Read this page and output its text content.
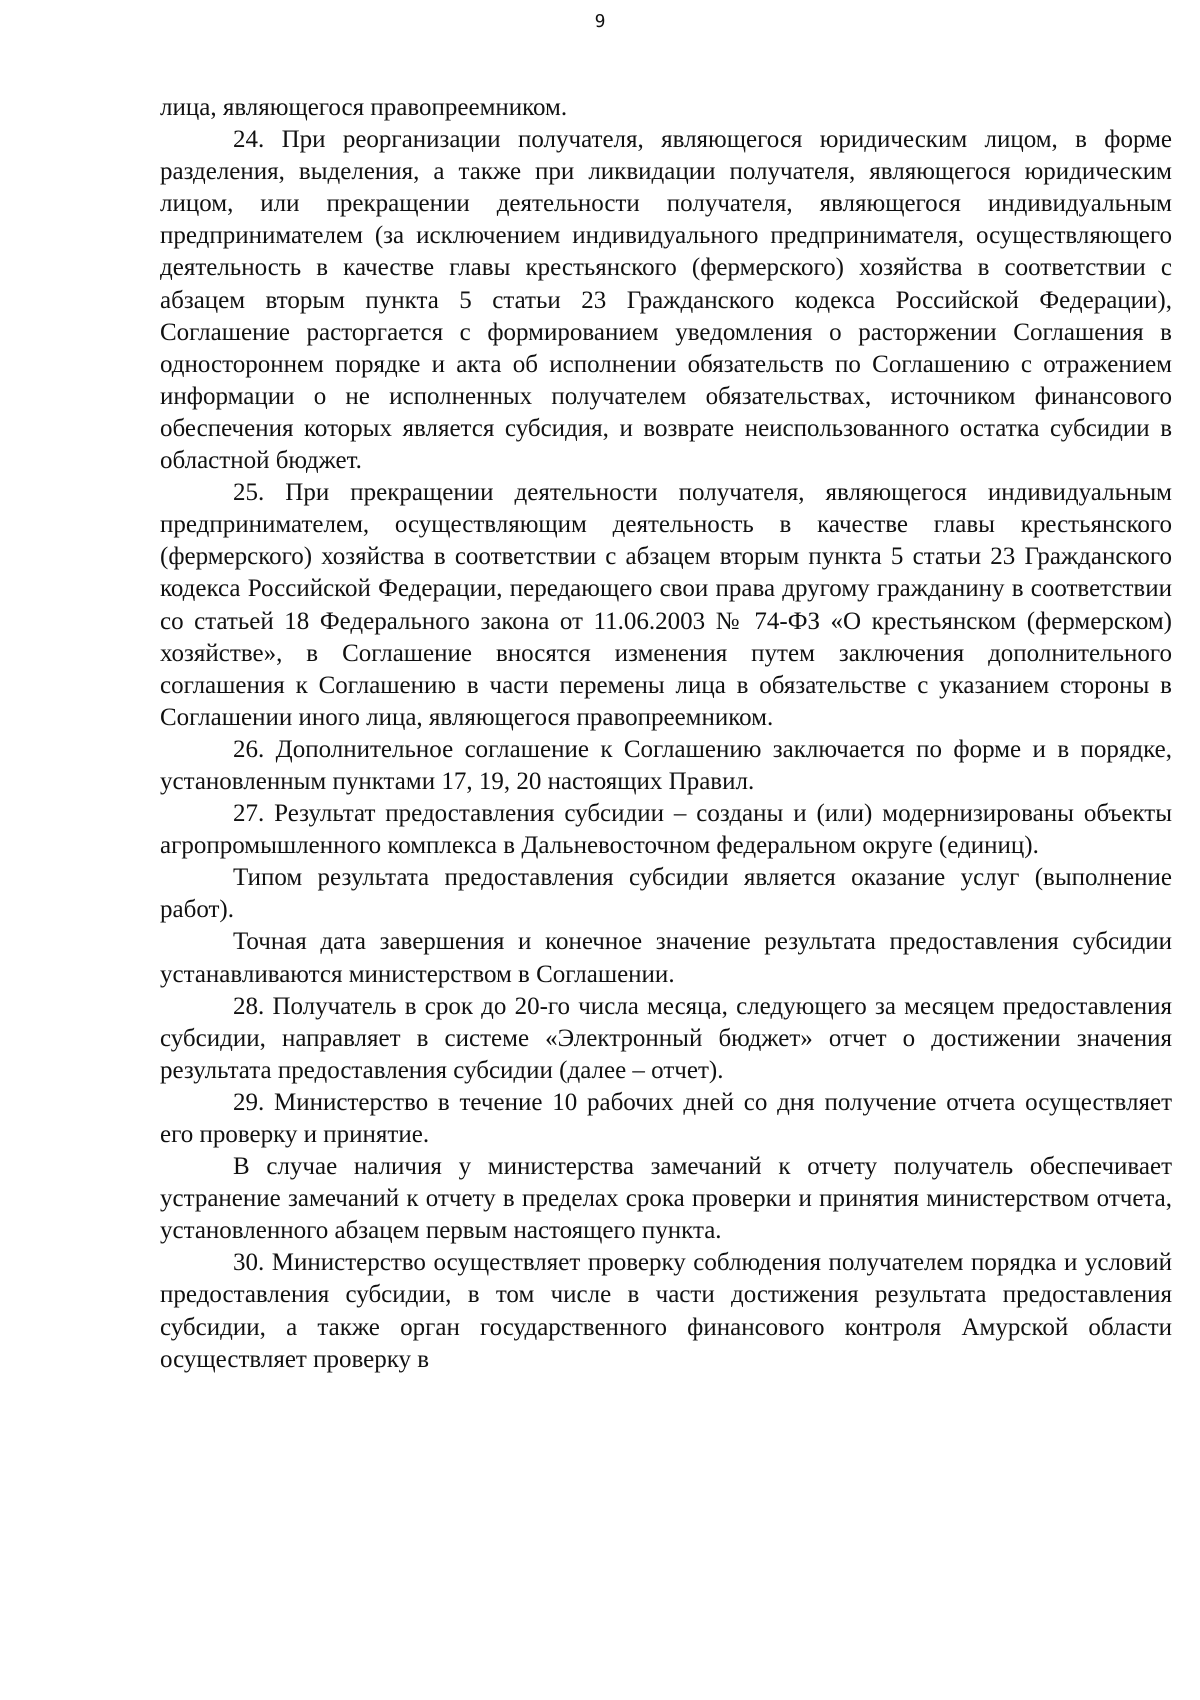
9

лица, являющегося правопреемником.

24. При реорганизации получателя, являющегося юридическим лицом, в форме разделения, выделения, а также при ликвидации получателя, являющегося юридическим лицом, или прекращении деятельности получателя, являющегося индивидуальным предпринимателем (за исключением индивидуального предпринимателя, осуществляющего деятельность в качестве главы крестьянского (фермерского) хозяйства в соответствии с абзацем вторым пункта 5 статьи 23 Гражданского кодекса Российской Федерации), Соглашение расторгается с формированием уведомления о расторжении Соглашения в одностороннем порядке и акта об исполнении обязательств по Соглашению с отражением информации о не исполненных получателем обязательствах, источником финансового обеспечения которых является субсидия, и возврате неиспользованного остатка субсидии в областной бюджет.

25. При прекращении деятельности получателя, являющегося индивидуальным предпринимателем, осуществляющим деятельность в качестве главы крестьянского (фермерского) хозяйства в соответствии с абзацем вторым пункта 5 статьи 23 Гражданского кодекса Российской Федерации, передающего свои права другому гражданину в соответствии со статьей 18 Федерального закона от 11.06.2003 № 74-ФЗ «О крестьянском (фермерском) хозяйстве», в Соглашение вносятся изменения путем заключения дополнительного соглашения к Соглашению в части перемены лица в обязательстве с указанием стороны в Соглашении иного лица, являющегося правопреемником.

26. Дополнительное соглашение к Соглашению заключается по форме и в порядке, установленным пунктами 17, 19, 20 настоящих Правил.

27. Результат предоставления субсидии – созданы и (или) модернизированы объекты агропромышленного комплекса в Дальневосточном федеральном округе (единиц).

Типом результата предоставления субсидии является оказание услуг (выполнение работ).

Точная дата завершения и конечное значение результата предоставления субсидии устанавливаются министерством в Соглашении.

28. Получатель в срок до 20-го числа месяца, следующего за месяцем предоставления субсидии, направляет в системе «Электронный бюджет» отчет о достижении значения результата предоставления субсидии (далее – отчет).

29. Министерство в течение 10 рабочих дней со дня получение отчета осуществляет его проверку и принятие.

В случае наличия у министерства замечаний к отчету получатель обеспечивает устранение замечаний к отчету в пределах срока проверки и принятия министерством отчета, установленного абзацем первым настоящего пункта.

30. Министерство осуществляет проверку соблюдения получателем порядка и условий предоставления субсидии, в том числе в части достижения результата предоставления субсидии, а также орган государственного финансового контроля Амурской области осуществляет проверку в
